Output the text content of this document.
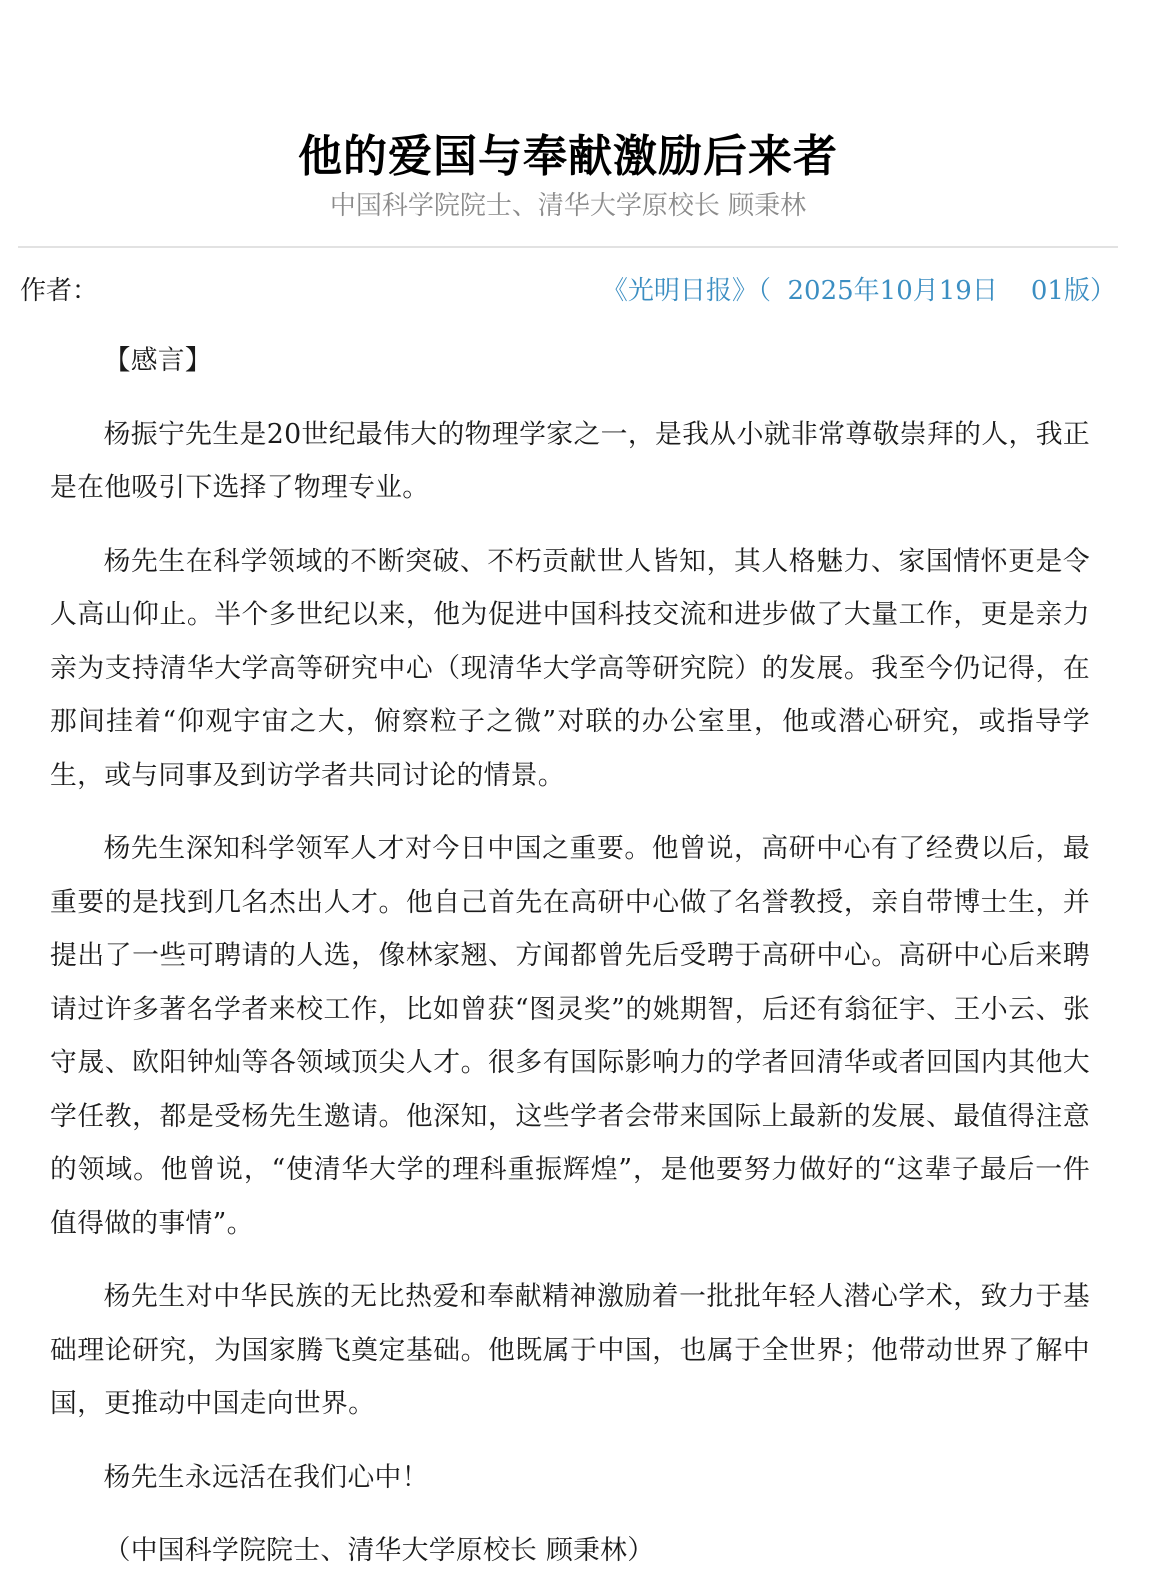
他的爱国与奉献激励后来者
中国科学院院士、清华大学原校长 顾秉林
作者：	《光明日报》（ 2025年10月19日 01版）

【感言】

杨振宁先生是20世纪最伟大的物理学家之一，是我从小就非常尊敬崇拜的人，我正是在他吸引下选择了物理专业。

杨先生在科学领域的不断突破、不朽贡献世人皆知，其人格魅力、家国情怀更是令人高山仰止。半个多世纪以来，他为促进中国科技交流和进步做了大量工作，更是亲力亲为支持清华大学高等研究中心（现清华大学高等研究院）的发展。我至今仍记得，在那间挂着“仰观宇宙之大，俯察粒子之微”对联的办公室里，他或潜心研究，或指导学生，或与同事及到访学者共同讨论的情景。

杨先生深知科学领军人才对今日中国之重要。他曾说，高研中心有了经费以后，最重要的是找到几名杰出人才。他自己首先在高研中心做了名誉教授，亲自带博士生，并提出了一些可聘请的人选，像林家翘、方闻都曾先后受聘于高研中心。高研中心后来聘请过许多著名学者来校工作，比如曾获“图灵奖”的姚期智，后还有翁征宇、王小云、张守晟、欧阳钟灿等各领域顶尖人才。很多有国际影响力的学者回清华或者回国内其他大学任教，都是受杨先生邀请。他深知，这些学者会带来国际上最新的发展、最值得注意的领域。他曾说，“使清华大学的理科重振辉煌”，是他要努力做好的“这辈子最后一件值得做的事情”。

杨先生对中华民族的无比热爱和奉献精神激励着一批批年轻人潜心学术，致力于基础理论研究，为国家腾飞奠定基础。他既属于中国，也属于全世界；他带动世界了解中国，更推动中国走向世界。

杨先生永远活在我们心中！

（中国科学院院士、清华大学原校长 顾秉林）
